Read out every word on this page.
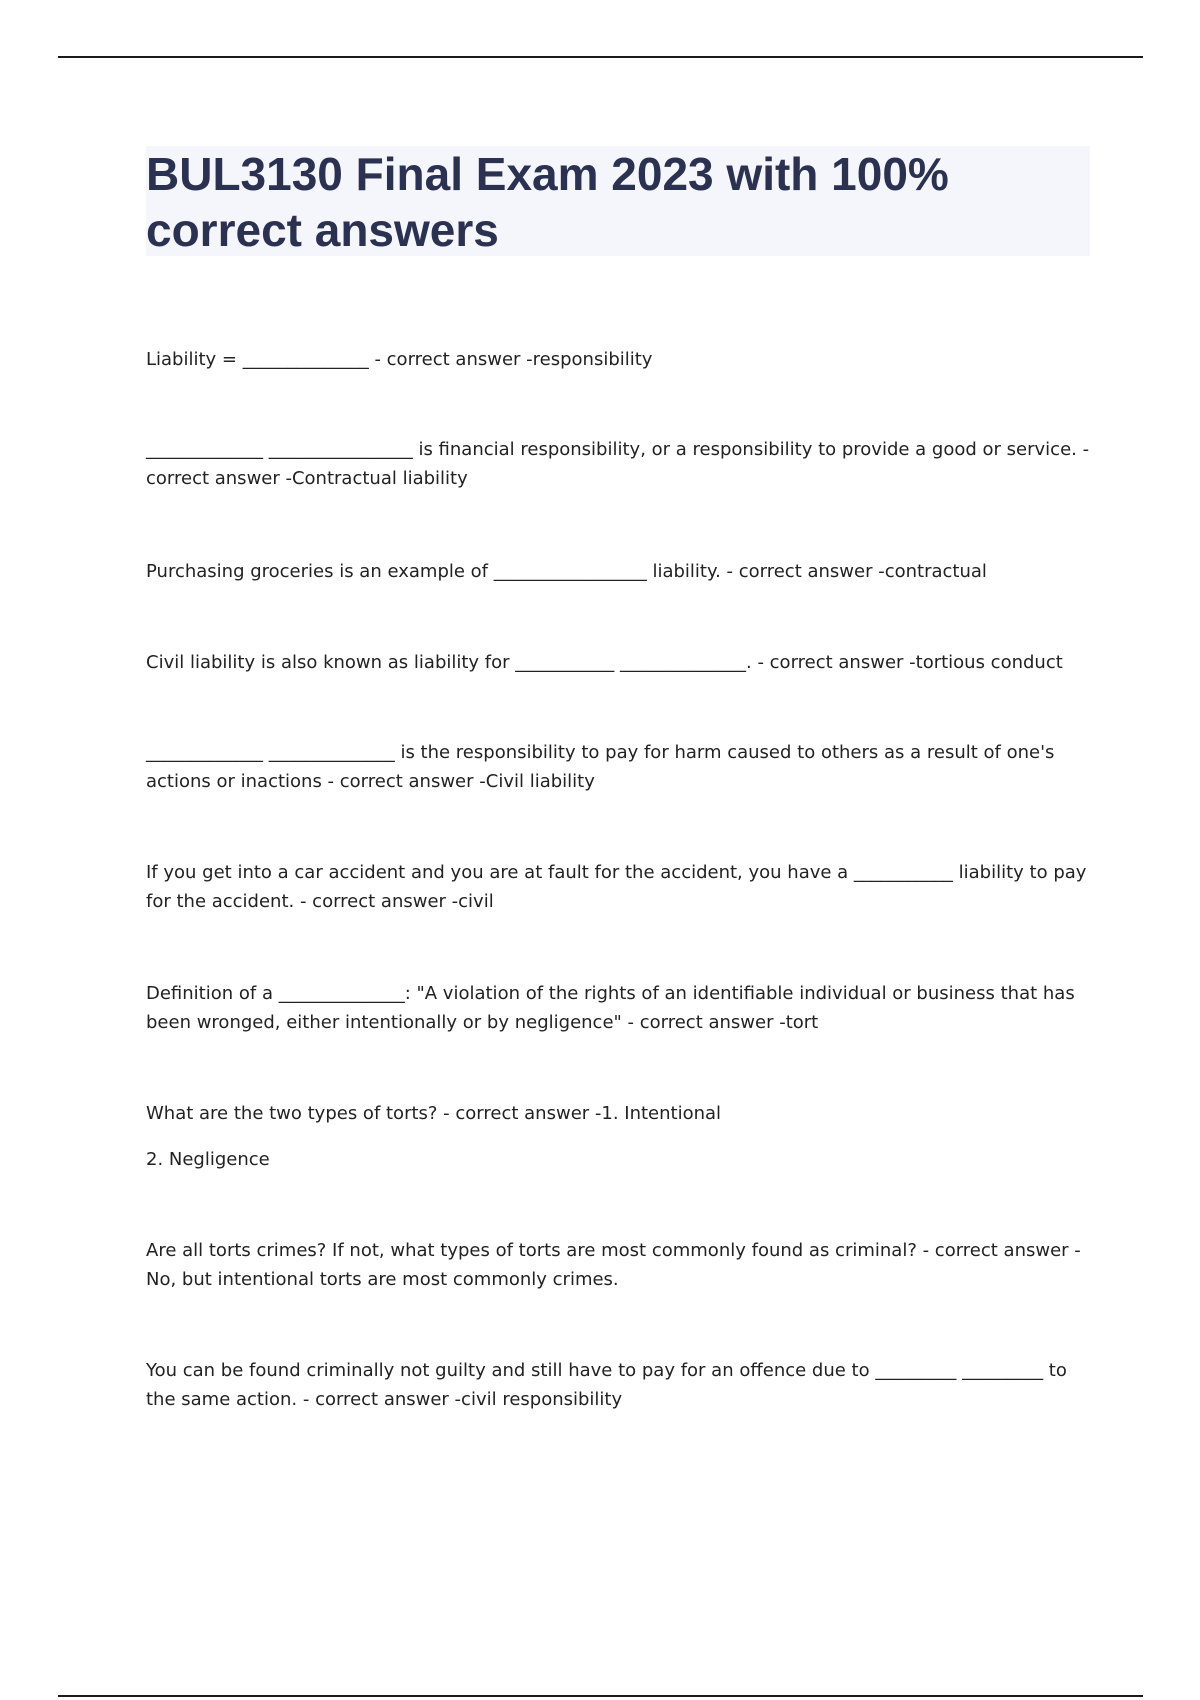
BUL3130 Final Exam 2023 with 100% correct answers

Liability = ______________ - correct answer -responsibility

_____________ ________________ is financial responsibility, or a responsibility to provide a good or service. - correct answer -Contractual liability

Purchasing groceries is an example of _________________ liability. - correct answer -contractual

Civil liability is also known as liability for ___________ ______________. - correct answer -tortious conduct

_____________ ______________ is the responsibility to pay for harm caused to others as a result of one's actions or inactions - correct answer -Civil liability

If you get into a car accident and you are at fault for the accident, you have a ___________ liability to pay for the accident. - correct answer -civil

Definition of a ______________: "A violation of the rights of an identifiable individual or business that has been wronged, either intentionally or by negligence" - correct answer -tort

What are the two types of torts? - correct answer -1. Intentional

2. Negligence

Are all torts crimes? If not, what types of torts are most commonly found as criminal? - correct answer -No, but intentional torts are most commonly crimes.

You can be found criminally not guilty and still have to pay for an offence due to _________ _________ to the same action. - correct answer -civil responsibility
